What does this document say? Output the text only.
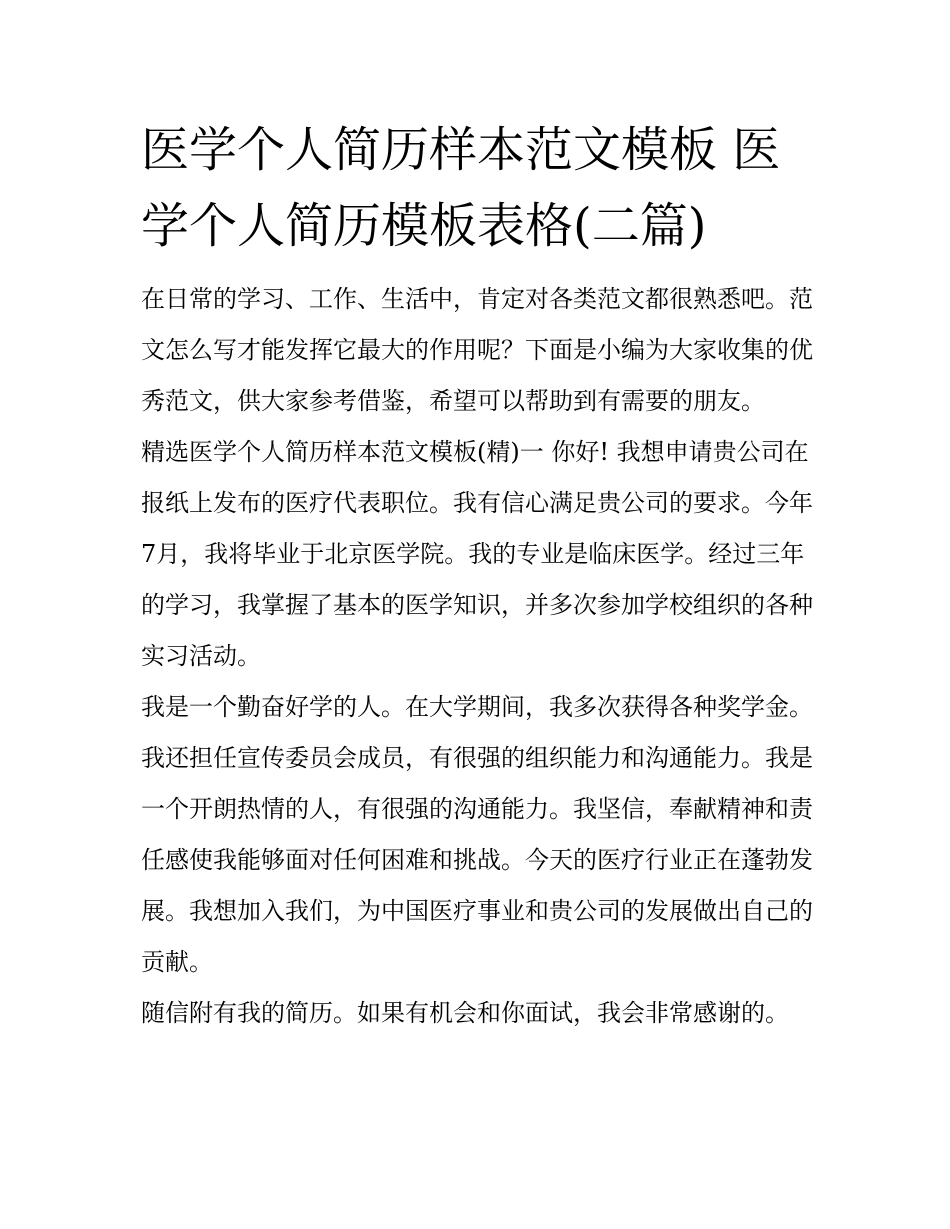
医学个人简历样本范文模板 医学个人简历模板表格(二篇)

在日常的学习、工作、生活中，肯定对各类范文都很熟悉吧。范文怎么写才能发挥它最大的作用呢？下面是小编为大家收集的优秀范文，供大家参考借鉴，希望可以帮助到有需要的朋友。

精选医学个人简历样本范文模板(精)一 你好! 我想申请贵公司在报纸上发布的医疗代表职位。我有信心满足贵公司的要求。今年7月，我将毕业于北京医学院。我的专业是临床医学。经过三年的学习，我掌握了基本的医学知识，并多次参加学校组织的各种实习活动。

我是一个勤奋好学的人。在大学期间，我多次获得各种奖学金。我还担任宣传委员会成员，有很强的组织能力和沟通能力。我是一个开朗热情的人，有很强的沟通能力。我坚信，奉献精神和责任感使我能够面对任何困难和挑战。今天的医疗行业正在蓬勃发展。我想加入我们，为中国医疗事业和贵公司的发展做出自己的贡献。

随信附有我的简历。如果有机会和你面试，我会非常感谢的。
